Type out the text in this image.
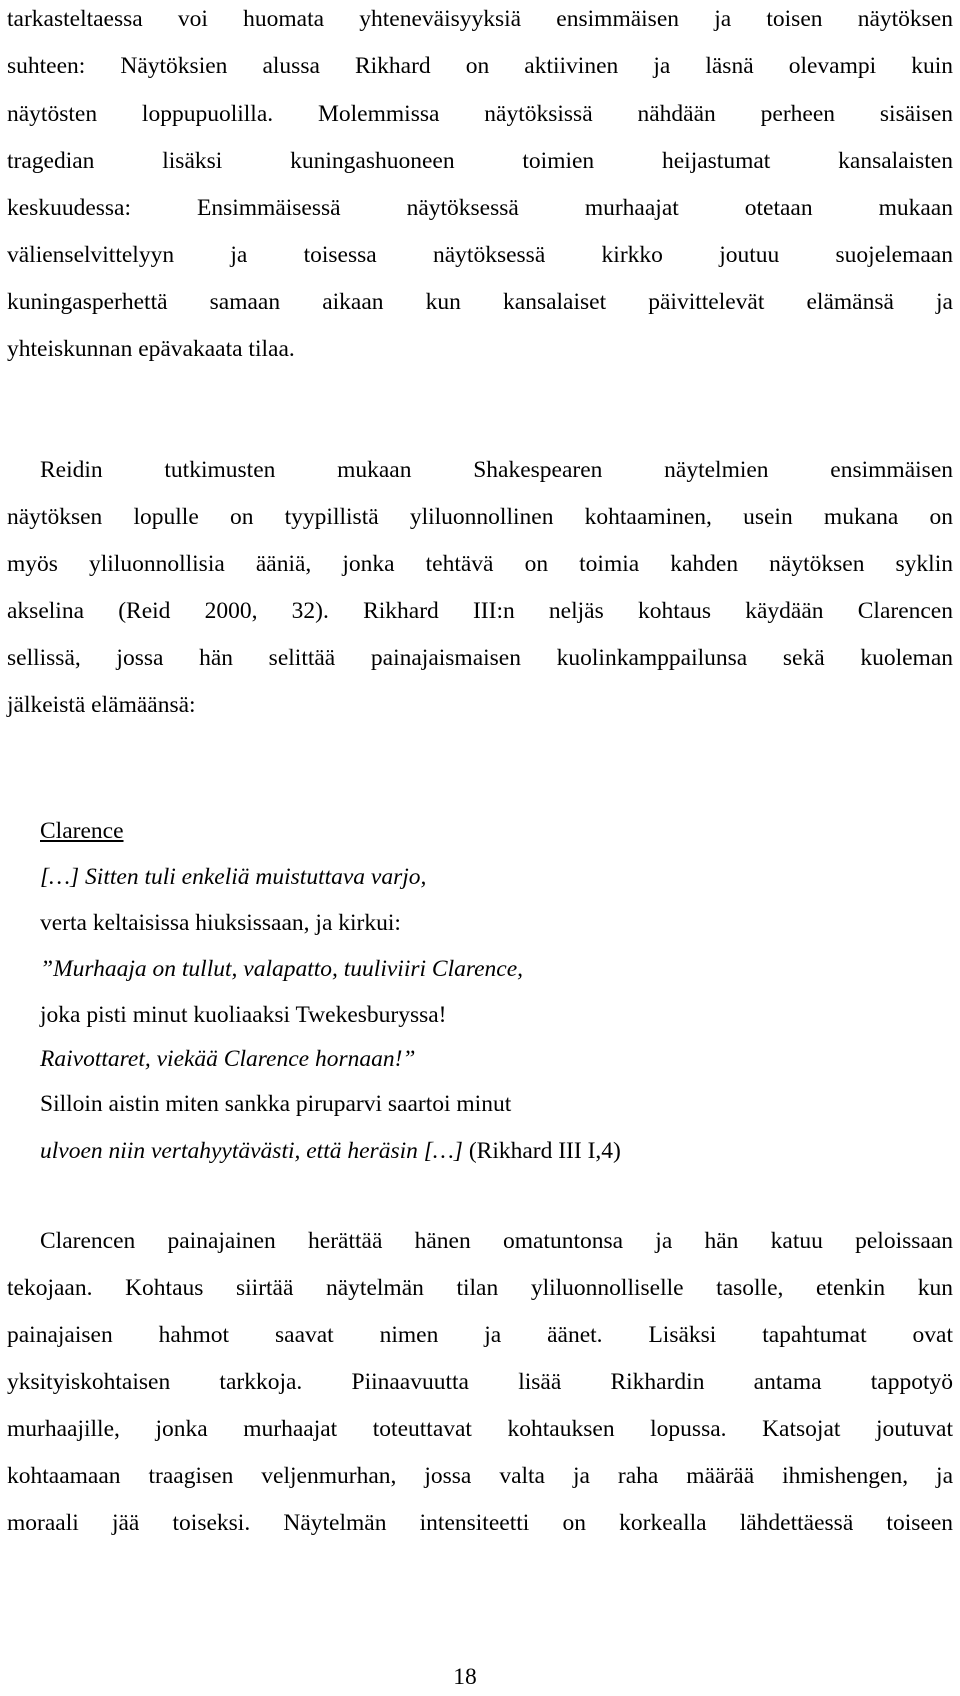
tarkasteltaessa voi huomata yhteneväisyyksiä ensimmäisen ja toisen näytöksen
suhteen: Näytöksien alussa Rikhard on aktiivinen ja läsnä olevampi kuin
näytösten loppupuolilla. Molemmissa näytöksissä nähdään perheen sisäisen
tragedian lisäksi kuningashuoneen toimien heijastumat kansalaisten
keskuudessa: Ensimmäisessä näytöksessä murhaajat otetaan mukaan
välienselvittelyyn ja toisessa näytöksessä kirkko joutuu suojelemaan
kuningasperhettä samaan aikaan kun kansalaiset päivittelevät elämänsä ja
yhteiskunnan epävakaata tilaa.
Reidin tutkimusten mukaan Shakespearen näytelmien ensimmäisen
näytöksen lopulle on tyypillistä yliluonnollinen kohtaaminen, usein mukana on
myös yliluonnollisia ääniä, jonka tehtävä on toimia kahden näytöksen syklin
akselina (Reid 2000, 32). Rikhard III:n neljäs kohtaus käydään Clarencen
sellissä, jossa hän selittää painajaismaisen kuolinkamppailunsa sekä kuoleman
jälkeistä elämäänsä:
Clarence
[…] Sitten tuli enkeliä muistuttava varjo,
verta keltaisissa hiuksissaan, ja kirkui:
”Murhaaja on tullut, valapatto, tuuliviiri Clarence,
joka pisti minut kuoliaaksi Twekesburyssa!
Raivottaret, viekää Clarence hornaan!”
Silloin aistin miten sankka piruparvi saartoi minut
ulvoen niin vertahyytävästi, että heräsin […] (Rikhard III I,4)
Clarencen painajainen herättää hänen omatuntonsa ja hän katuu peloissaan
tekojaan. Kohtaus siirtää näytelmän tilan yliluonnolliselle tasolle, etenkin kun
painajaisen hahmot saavat nimen ja äänet. Lisäksi tapahtumat ovat
yksityiskohtaisen tarkkoja. Piinaavuutta lisää Rikhardin antama tappotyö
murhaajille, jonka murhaajat toteuttavat kohtauksen lopussa. Katsojat joutuvat
kohtaamaan traagisen veljenmurhan, jossa valta ja raha määrää ihmishengen, ja
moraali jää toiseksi. Näytelmän intensiteetti on korkealla lähdettäessä toiseen
18
